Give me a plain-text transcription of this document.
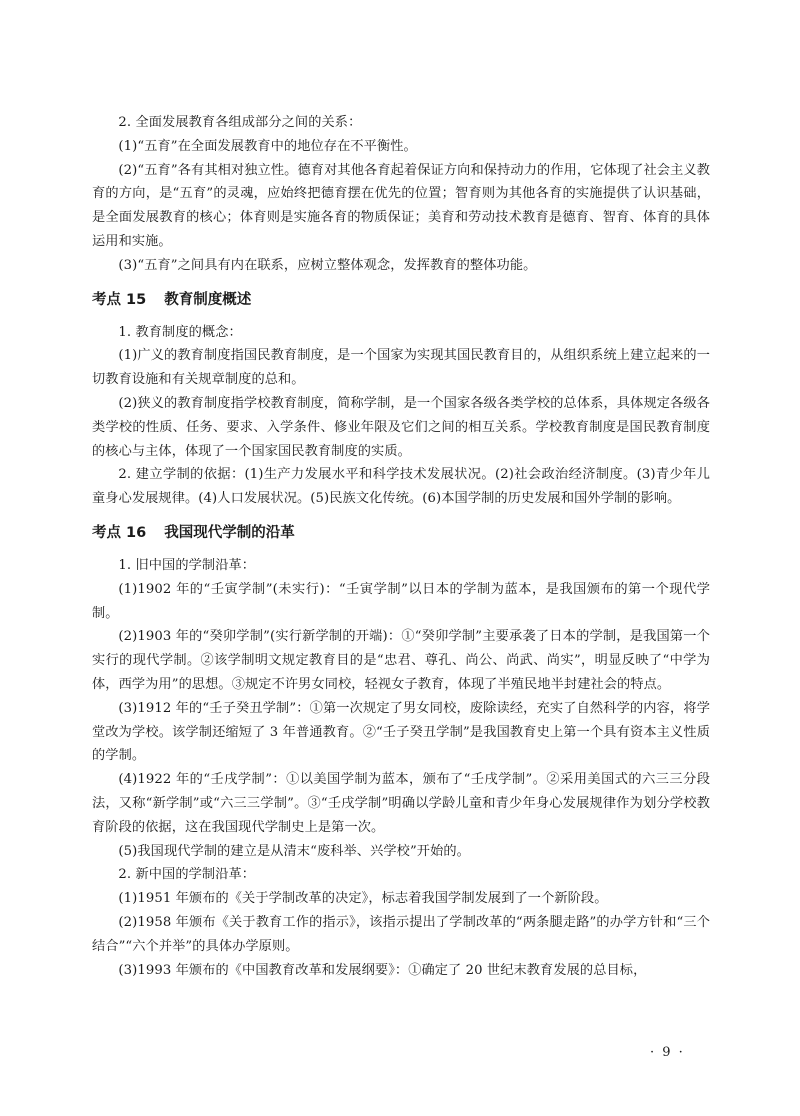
2. 全面发展教育各组成部分之间的关系：

(1)“五育”在全面发展教育中的地位存在不平衡性。

(2)“五育”各有其相对独立性。德育对其他各育起着保证方向和保持动力的作用，它体现了社会主义教育的方向，是“五育”的灵魂，应始终把德育摆在优先的位置；智育则为其他各育的实施提供了认识基础，是全面发展教育的核心；体育则是实施各育的物质保证；美育和劳动技术教育是德育、智育、体育的具体运用和实施。

(3)“五育”之间具有内在联系，应树立整体观念，发挥教育的整体功能。

考点 15 教育制度概述

1. 教育制度的概念：

(1)广义的教育制度指国民教育制度，是一个国家为实现其国民教育目的，从组织系统上建立起来的一切教育设施和有关规章制度的总和。

(2)狭义的教育制度指学校教育制度，简称学制，是一个国家各级各类学校的总体系，具体规定各级各类学校的性质、任务、要求、入学条件、修业年限及它们之间的相互关系。学校教育制度是国民教育制度的核心与主体，体现了一个国家国民教育制度的实质。

2. 建立学制的依据：(1)生产力发展水平和科学技术发展状况。(2)社会政治经济制度。(3)青少年儿童身心发展规律。(4)人口发展状况。(5)民族文化传统。(6)本国学制的历史发展和国外学制的影响。

考点 16 我国现代学制的沿革

1. 旧中国的学制沿革：

(1)1902 年的“壬寅学制”(未实行)：“壬寅学制”以日本的学制为蓝本，是我国颁布的第一个现代学制。

(2)1903 年的“癸卯学制”(实行新学制的开端)：①“癸卯学制”主要承袭了日本的学制，是我国第一个实行的现代学制。②该学制明文规定教育目的是“忠君、尊孔、尚公、尚武、尚实”，明显反映了“中学为体，西学为用”的思想。③规定不许男女同校，轻视女子教育，体现了半殖民地半封建社会的特点。

(3)1912 年的“壬子癸丑学制”：①第一次规定了男女同校，废除读经，充实了自然科学的内容，将学堂改为学校。该学制还缩短了 3 年普通教育。②“壬子癸丑学制”是我国教育史上第一个具有资本主义性质的学制。

(4)1922 年的“壬戌学制”：①以美国学制为蓝本，颁布了“壬戌学制”。②采用美国式的六三三分段法，又称“新学制”或“六三三学制”。③“壬戌学制”明确以学龄儿童和青少年身心发展规律作为划分学校教育阶段的依据，这在我国现代学制史上是第一次。

(5)我国现代学制的建立是从清末“废科举、兴学校”开始的。

2. 新中国的学制沿革：

(1)1951 年颁布的《关于学制改革的决定》，标志着我国学制发展到了一个新阶段。

(2)1958 年颁布《关于教育工作的指示》，该指示提出了学制改革的“两条腿走路”的办学方针和“三个结合”“六个并举”的具体办学原则。

(3)1993 年颁布的《中国教育改革和发展纲要》：①确定了 20 世纪末教育发展的总目标，

· 9 ·
